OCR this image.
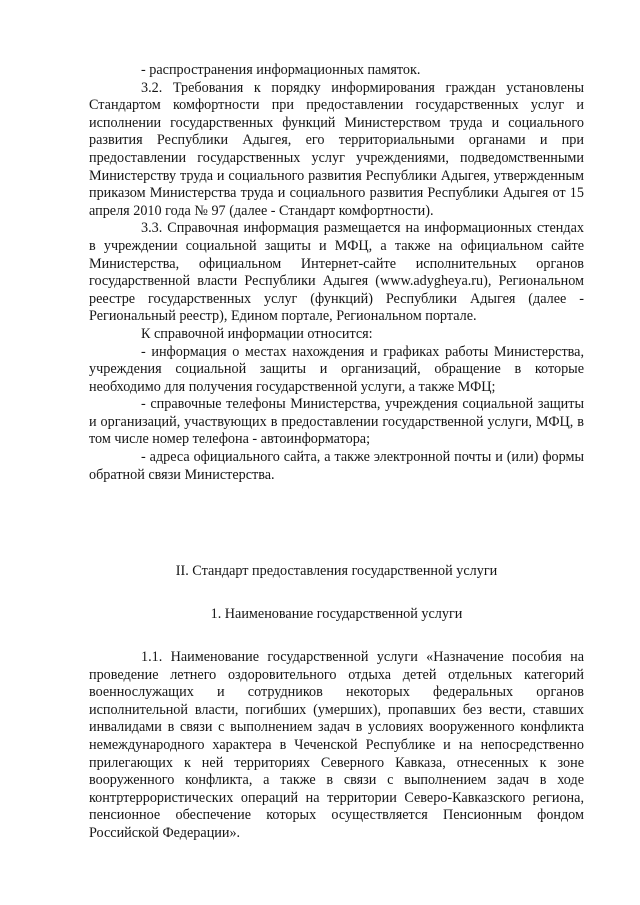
- распространения информационных памяток.

3.2. Требования к порядку информирования граждан установлены Стандартом комфортности при предоставлении государственных услуг и исполнении государственных функций Министерством труда и социального развития Республики Адыгея, его территориальными органами и при предоставлении государственных услуг учреждениями, подведомственными Министерству труда и социального развития Республики Адыгея, утвержденным приказом Министерства труда и социального развития Республики Адыгея от 15 апреля 2010 года № 97 (далее - Стандарт комфортности).

3.3. Справочная информация размещается на информационных стендах в учреждении социальной защиты и МФЦ, а также на официальном сайте Министерства, официальном Интернет-сайте исполнительных органов государственной власти Республики Адыгея (www.adygheya.ru), Региональном реестре государственных услуг (функций) Республики Адыгея (далее - Региональный реестр), Едином портале, Региональном портале.

К справочной информации относится:

- информация о местах нахождения и графиках работы Министерства, учреждения социальной защиты и организаций, обращение в которые необходимо для получения государственной услуги, а также МФЦ;

- справочные телефоны Министерства, учреждения социальной защиты и организаций, участвующих в предоставлении государственной услуги, МФЦ, в том числе номер телефона - автоинформатора;

- адреса официального сайта, а также электронной почты и (или) формы обратной связи Министерства.

II. Стандарт предоставления государственной услуги

1. Наименование государственной услуги

1.1. Наименование государственной услуги «Назначение пособия на проведение летнего оздоровительного отдыха детей отдельных категорий военнослужащих и сотрудников некоторых федеральных органов исполнительной власти, погибших (умерших), пропавших без вести, ставших инвалидами в связи с выполнением задач в условиях вооруженного конфликта немеждународного характера в Чеченской Республике и на непосредственно прилегающих к ней территориях Северного Кавказа, отнесенных к зоне вооруженного конфликта, а также в связи с выполнением задач в ходе контртеррористических операций на территории Северо-Кавказского региона, пенсионное обеспечение которых осуществляется Пенсионным фондом Российской Федерации».
